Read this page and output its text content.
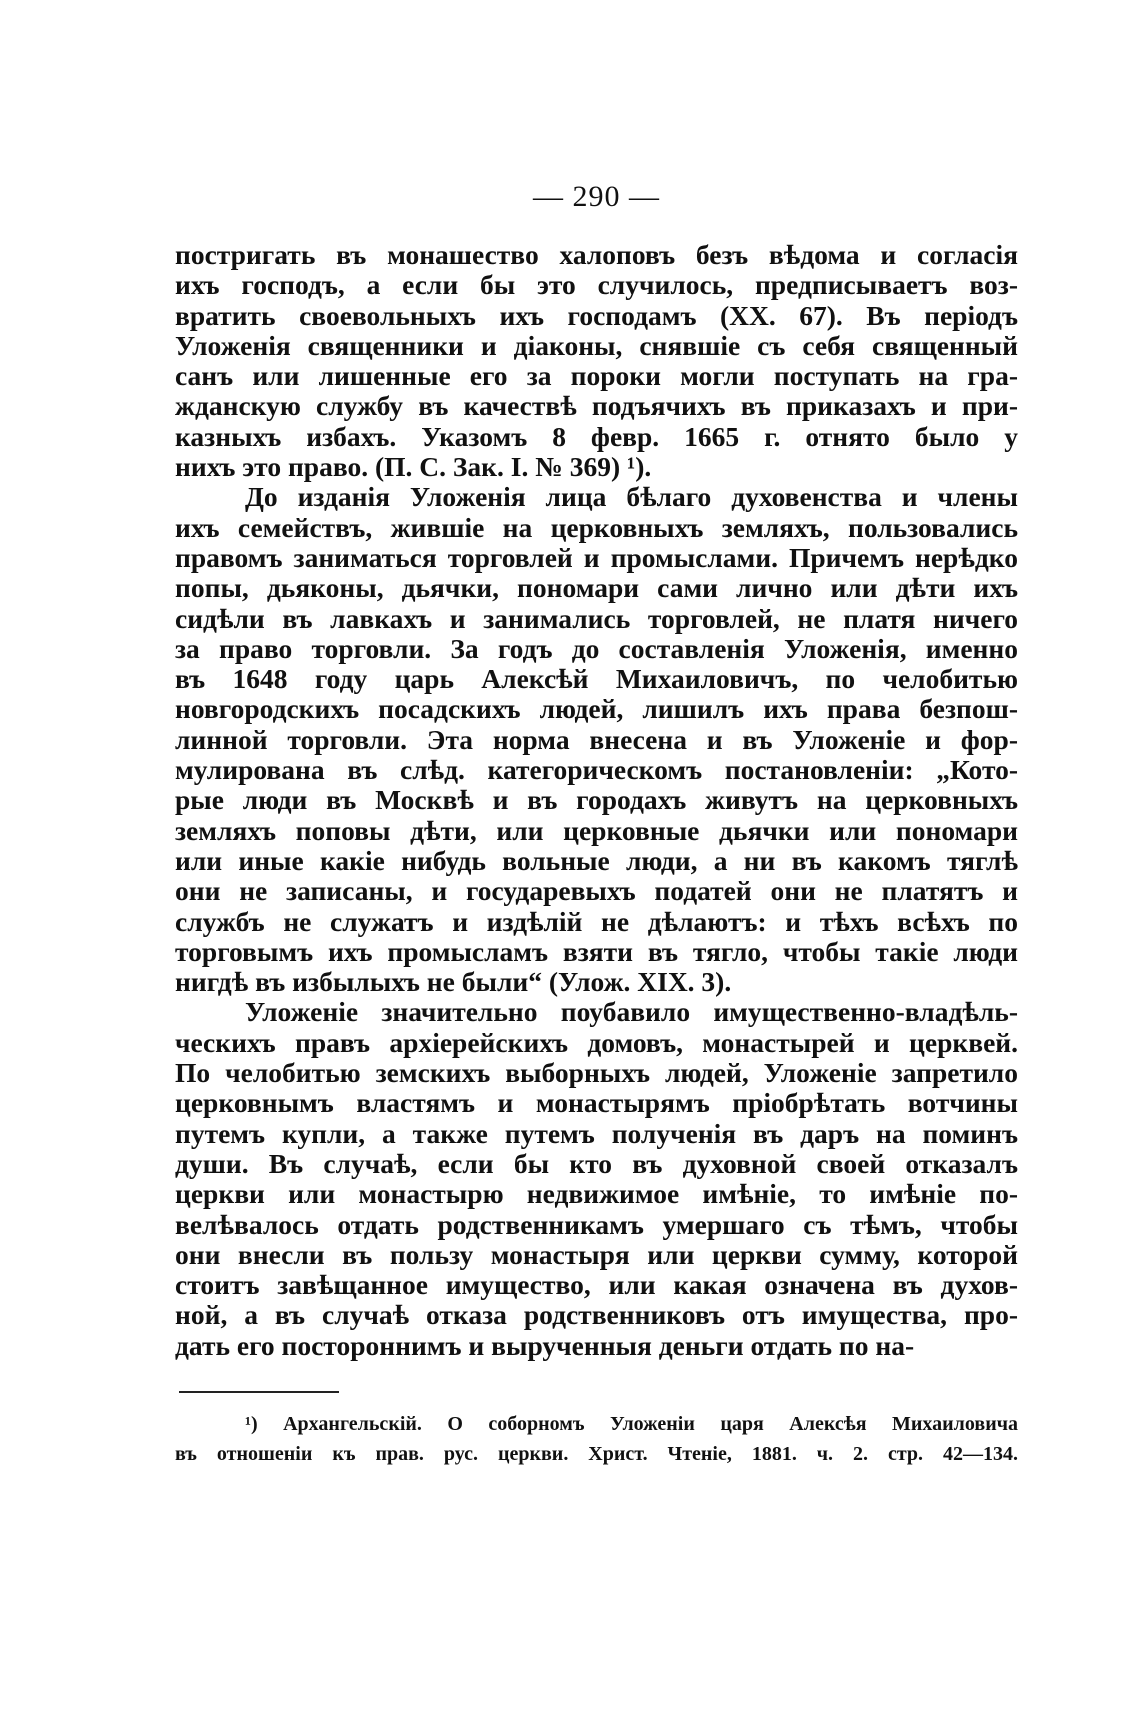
— 290 —
постригать въ монашество халоповъ безъ вѣдома и согласія
ихъ господъ, а если бы это случилось, предписываетъ воз-
вратить своевольныхъ ихъ господамъ (XX. 67). Въ періодъ
Уложенія священники и діаконы, снявшіе съ себя священный
санъ или лишенные его за пороки могли поступать на гра-
жданскую службу въ качествѣ подъячихъ въ приказахъ и при-
казныхъ избахъ. Указомъ 8 февр. 1665 г. отнято было у
нихъ это право. (П. С. Зак. I. № 369) ¹).
До изданія Уложенія лица бѣлаго духовенства и члены
ихъ семействъ, жившіе на церковныхъ земляхъ, пользовались
правомъ заниматься торговлей и промыслами. Причемъ нерѣдко
попы, дьяконы, дьячки, пономари сами лично или дѣти ихъ
сидѣли въ лавкахъ и занимались торговлей, не платя ничего
за право торговли. За годъ до составленія Уложенія, именно
въ 1648 году царь Алексѣй Михаиловичъ, по челобитью
новгородскихъ посадскихъ людей, лишилъ ихъ права безпош-
линной торговли. Эта норма внесена и въ Уложеніе и фор-
мулирована въ слѣд. категорическомъ постановленіи: „Кото-
рые люди въ Москвѣ и въ городахъ живутъ на церковныхъ
земляхъ поповы дѣти, или церковные дьячки или пономари
или иные какіе нибудь вольные люди, а ни въ какомъ тяглѣ
они не записаны, и государевыхъ податей они не платятъ и
службъ не служатъ и издѣлій не дѣлаютъ: и тѣхъ всѣхъ по
торговымъ ихъ промысламъ взяти въ тягло, чтобы такіе люди
нигдѣ въ избылыхъ не были“ (Улож. XIX. 3).
Уложеніе значительно поубавило имущественно-владѣль-
ческихъ правъ архіерейскихъ домовъ, монастырей и церквей.
По челобитью земскихъ выборныхъ людей, Уложеніе запретило
церковнымъ властямъ и монастырямъ пріобрѣтать вотчины
путемъ купли, а также путемъ полученія въ даръ на поминъ
души. Въ случаѣ, если бы кто въ духовной своей отказалъ
церкви или монастырю недвижимое имѣніе, то имѣніе по-
велѣвалось отдать родственникамъ умершаго съ тѣмъ, чтобы
они внесли въ пользу монастыря или церкви сумму, которой
стоитъ завѣщанное имущество, или какая означена въ духов-
ной, а въ случаѣ отказа родственниковъ отъ имущества, про-
дать его постороннимъ и вырученныя деньги отдать по на-
¹) Архангельскій. О соборномъ Уложеніи царя Алексѣя Михаиловича
въ отношеніи къ прав. рус. церкви. Христ. Чтеніе, 1881. ч. 2. стр. 42—134.
